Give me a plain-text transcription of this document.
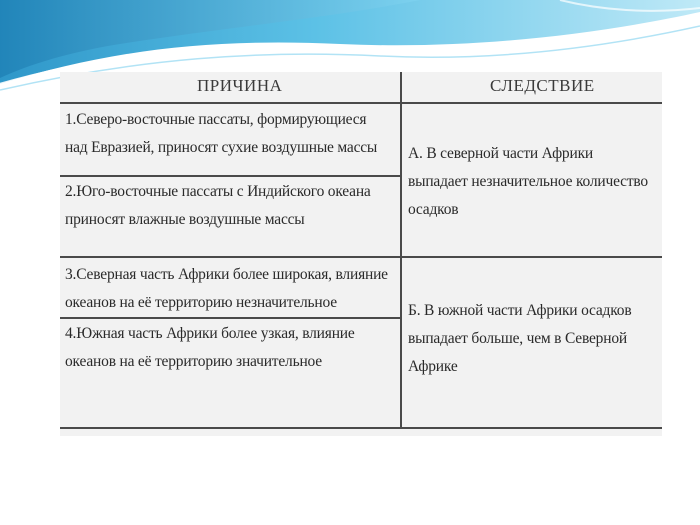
ПРИЧИНА	СЛЕДСТВИЕ
1.Северо-восточные пассаты, формирующиеся
над Евразией, приносят сухие воздушные массы
2.Юго-восточные пассаты с Индийского океана
приносят влажные воздушные массы
3.Северная часть Африки более широкая, влияние
океанов на её территорию незначительное
4.Южная часть Африки более узкая, влияние
океанов на её территорию значительное
А. В северной части Африки
выпадает незначительное количество
осадков
Б. В южной части Африки осадков
выпадает больше, чем в Северной
Африке
